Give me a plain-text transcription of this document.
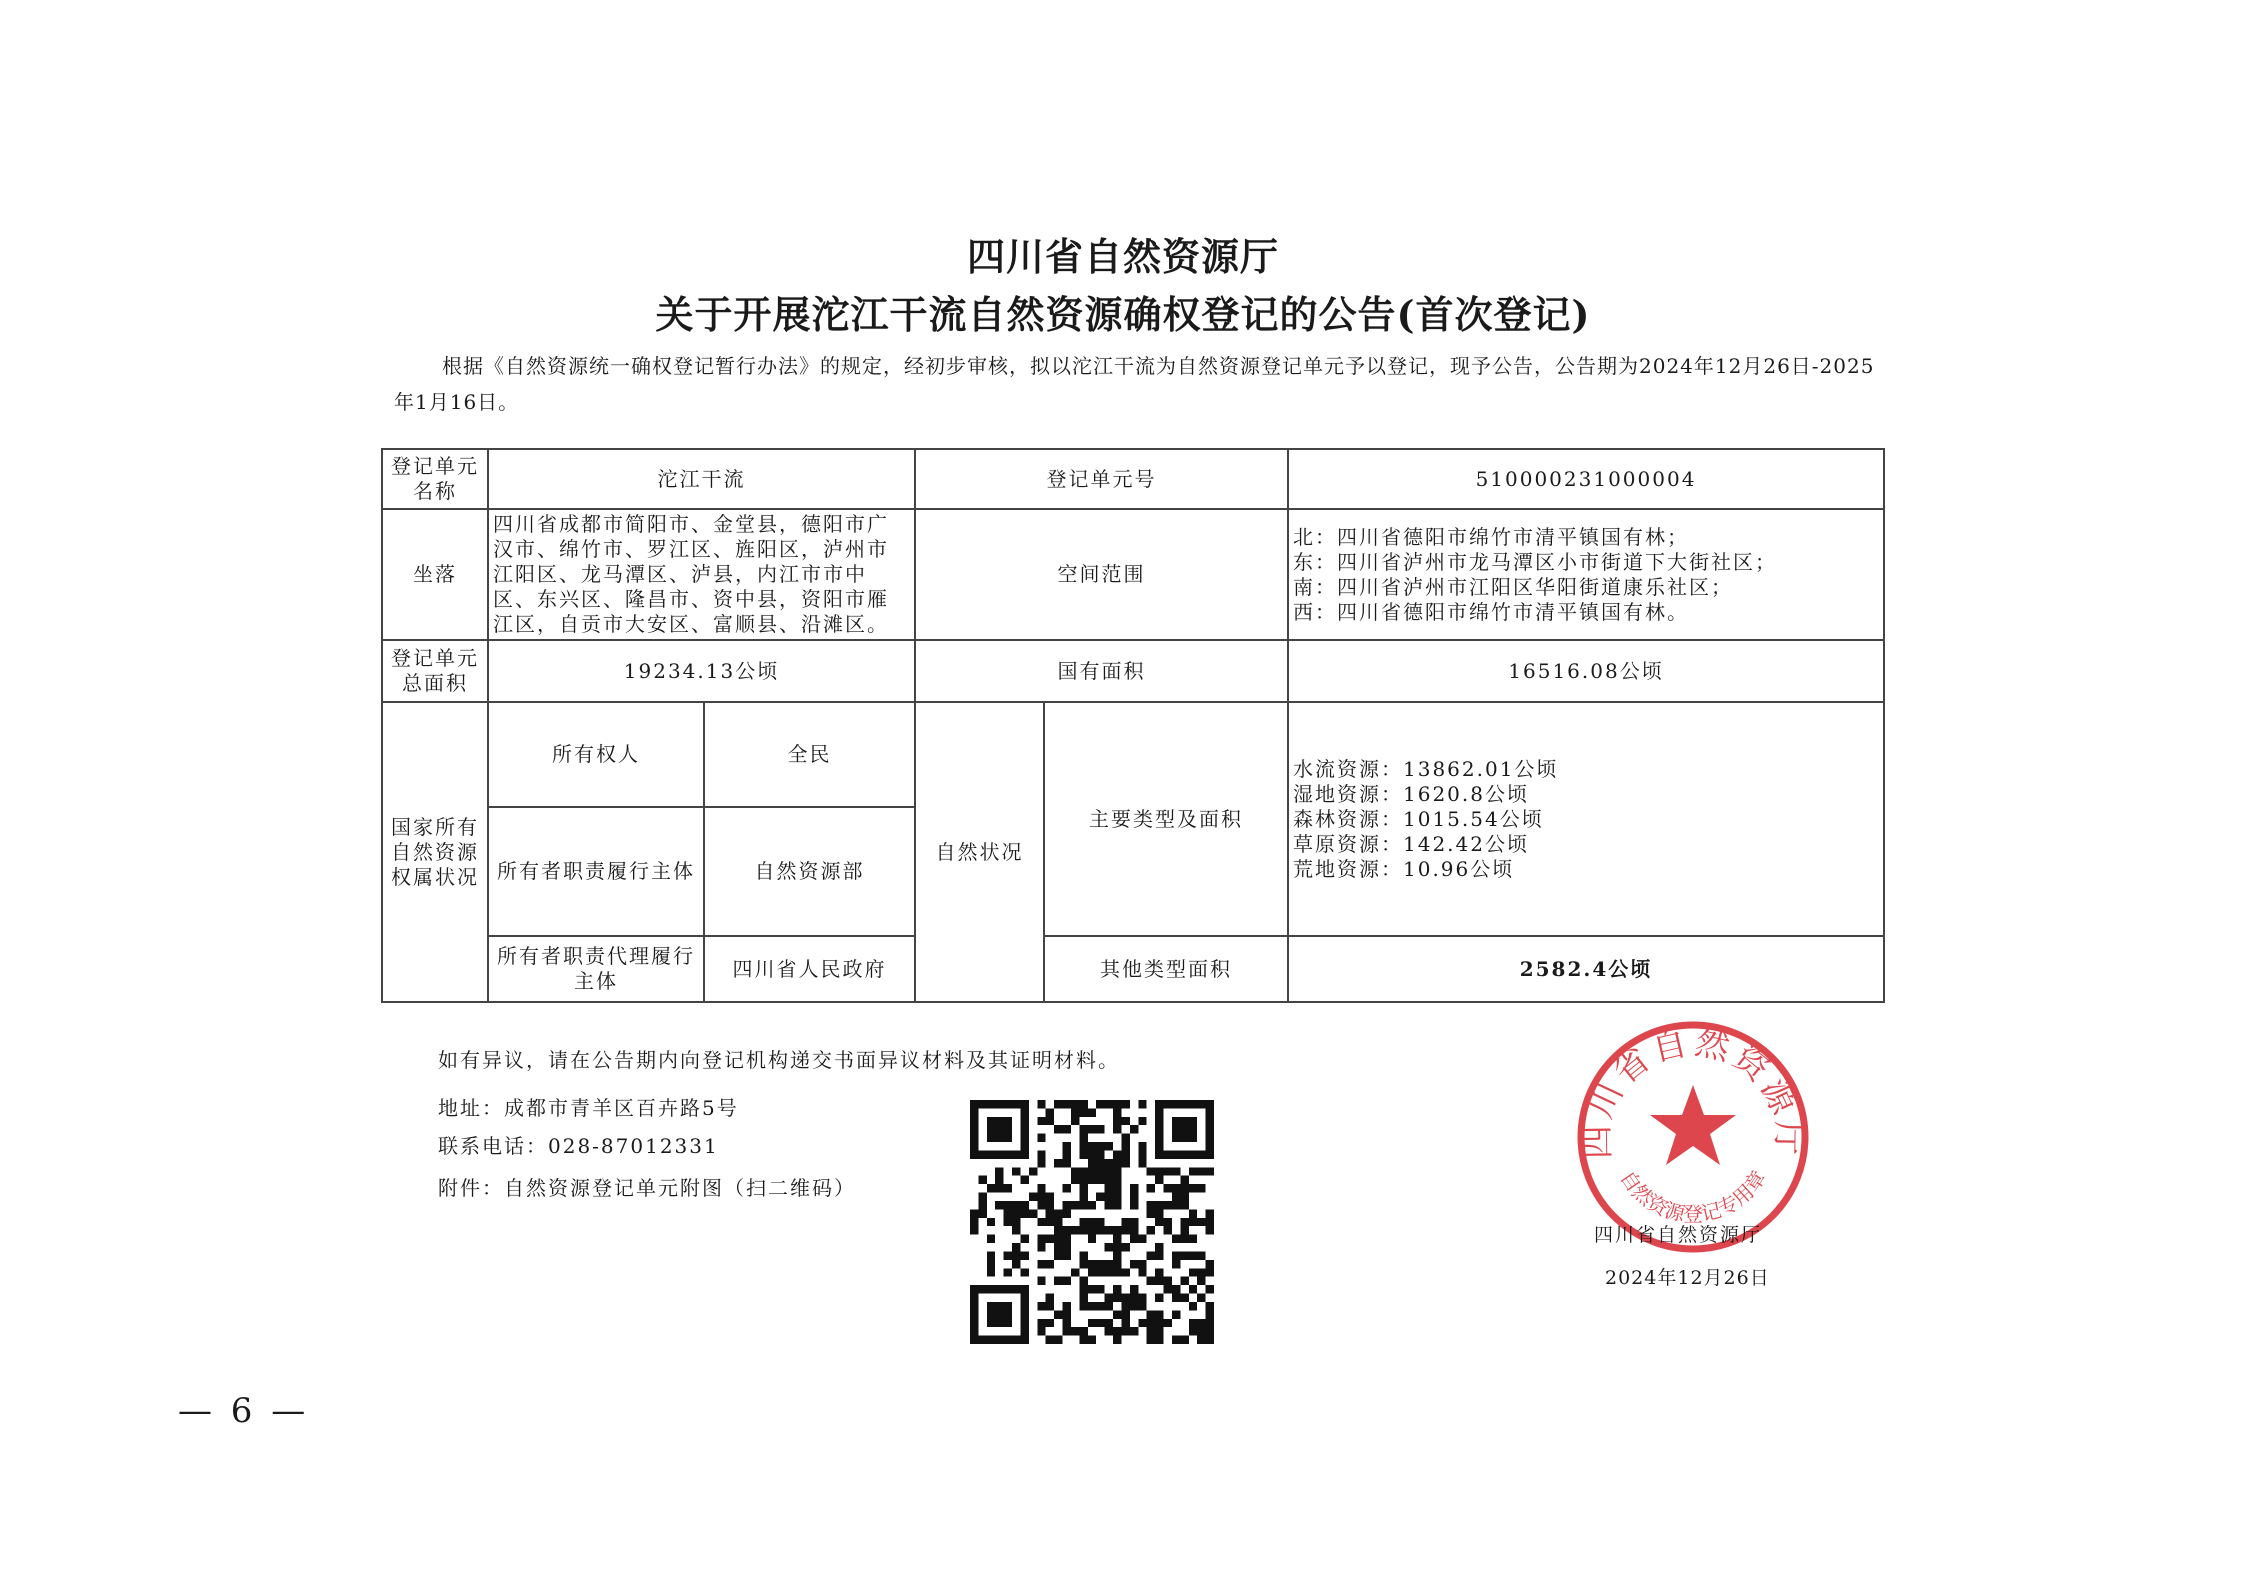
四川省自然资源厅
关于开展沱江干流自然资源确权登记的公告(首次登记)
根据《自然资源统一确权登记暂行办法》的规定，经初步审核，拟以沱江干流为自然资源登记单元予以登记，现予公告，公告期为2024年12月26日-2025年1月16日。
登记单元名称	沱江干流		登记单元号		510000231000004
坐落	四川省成都市简阳市、金堂县，德阳市广汉市、绵竹市、罗江区、旌阳区，泸州市江阳区、龙马潭区、泸县，内江市市中区、东兴区、隆昌市、资中县，资阳市雁江区，自贡市大安区、富顺县、沿滩区。		空间范围		北：四川省德阳市绵竹市清平镇国有林；
东：四川省泸州市龙马潭区小市街道下大街社区；
南：四川省泸州市江阳区华阳街道康乐社区；
西：四川省德阳市绵竹市清平镇国有林。

登记单元总面积	19234.13公顷		国有面积		16516.08公顷
国家所有自然资源权属状况	所有权人	全民	自然状况	主要类型及面积	水流资源：13862.01公顷
湿地资源：1620.8公顷
森林资源：1015.54公顷
草原资源：142.42公顷
荒地资源：10.96公顷

	所有者职责履行主体	自然资源部			
	所有者职责代理履行主体	四川省人民政府		其他类型面积	2582.4公顷
如有异议，请在公告期内向登记机构递交书面异议材料及其证明材料。
地址：成都市青羊区百卉路5号
联系电话：028-87012331
附件：自然资源登记单元附图（扫二维码）
四川省自然资源厅
自然资源登记专用章
四川省自然资源厅
2024年12月26日
— 6 —
